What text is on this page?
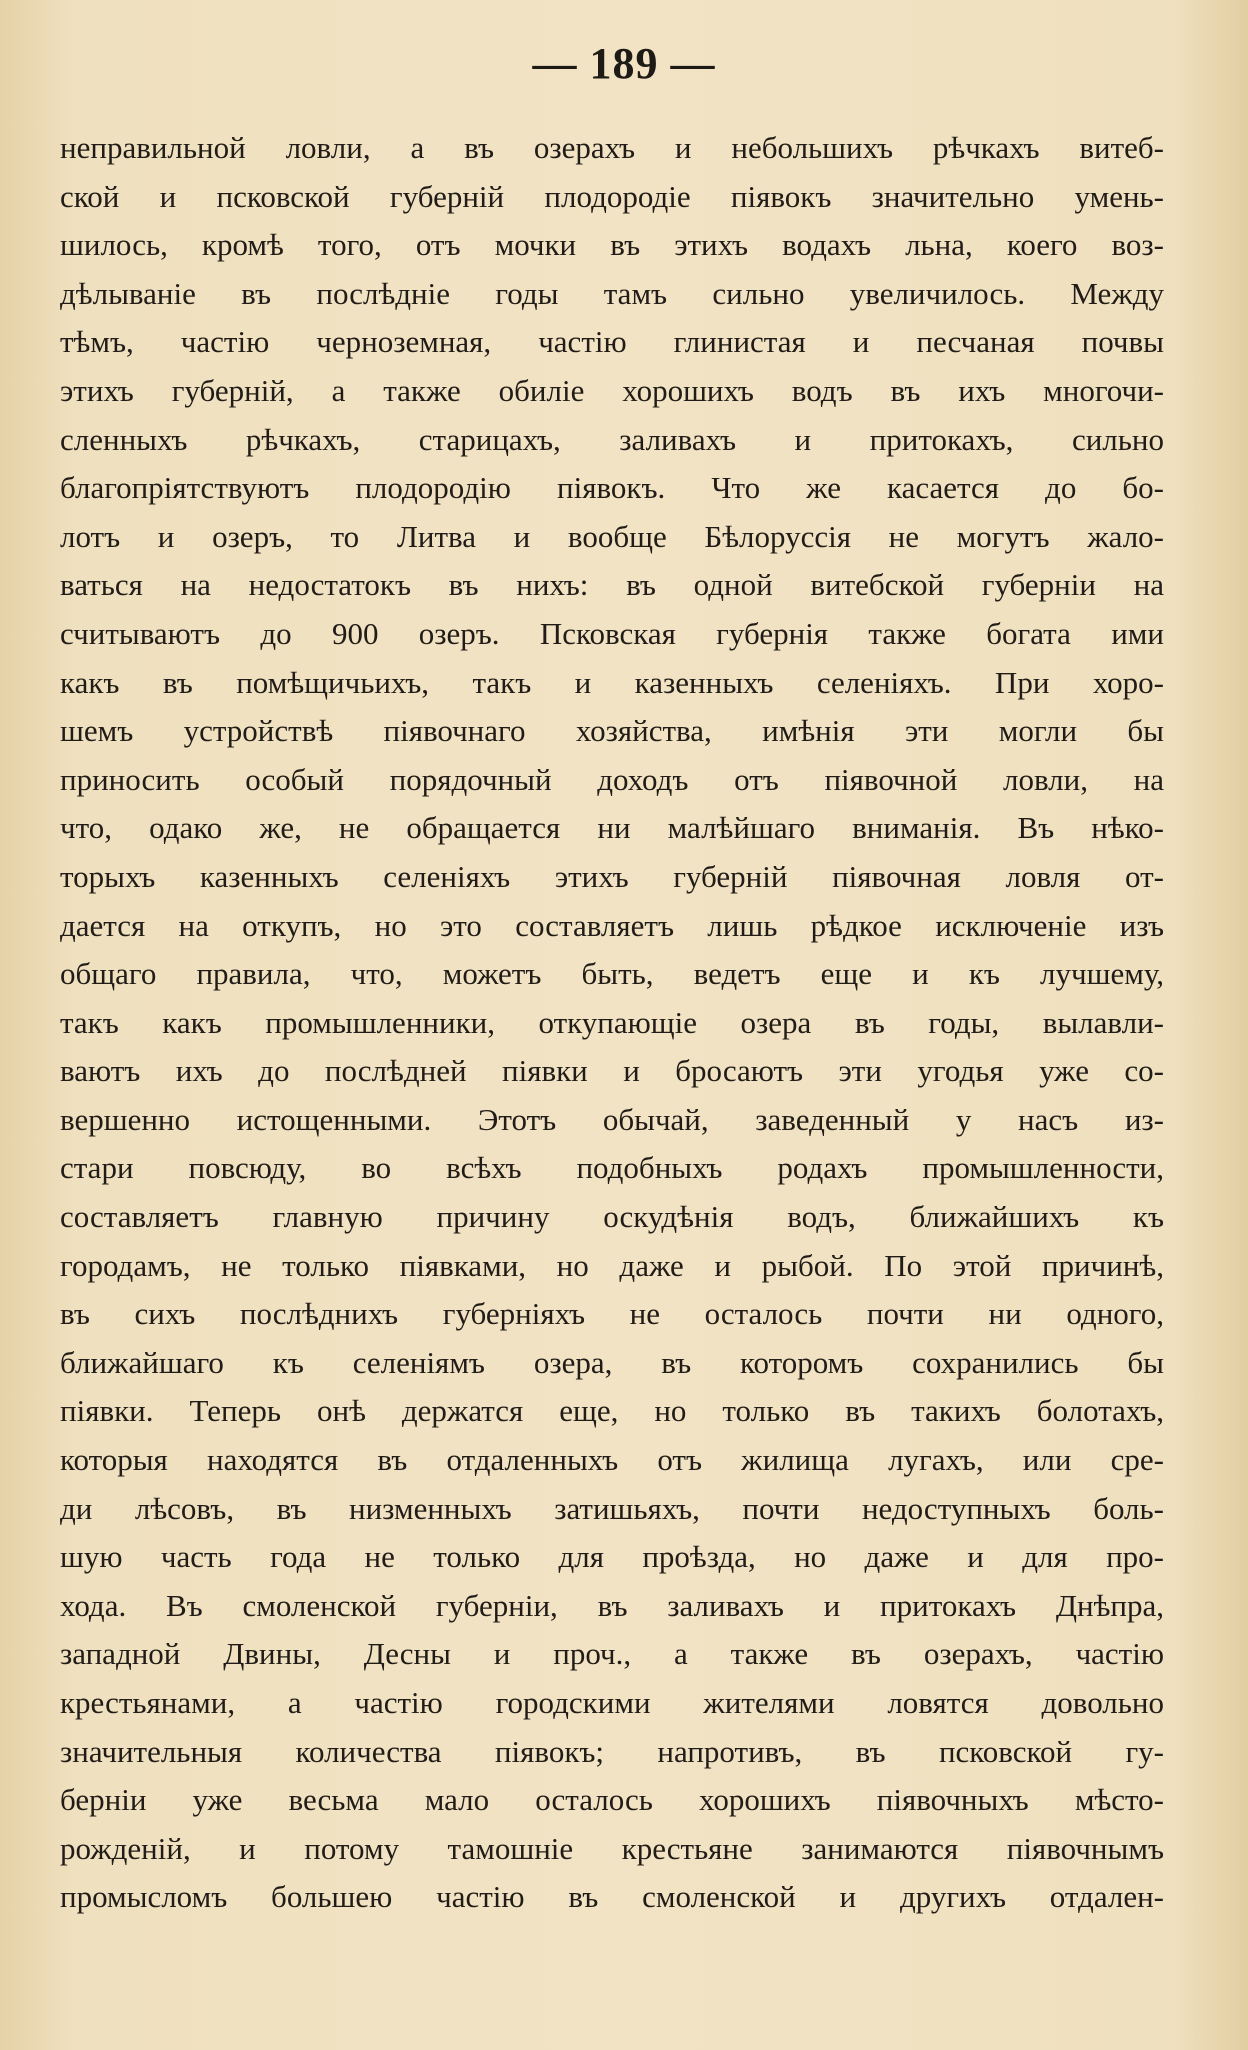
— 189 —
неправильной ловли, а въ озерахъ и небольшихъ рѣчкахъ витеб-
ской и псковской губерній плодородіе піявокъ значительно умень-
шилось, кромѣ того, отъ мочки въ этихъ водахъ льна, коего воз-
дѣлываніе въ послѣдніе годы тамъ сильно увеличилось. Между
тѣмъ, частію черноземная, частію глинистая и песчаная почвы
этихъ губерній, а также обиліе хорошихъ водъ въ ихъ многочи-
сленныхъ рѣчкахъ, старицахъ, заливахъ и притокахъ, сильно
благопріятствуютъ плодородію піявокъ. Что же касается до бо-
лотъ и озеръ, то Литва и вообще Бѣлоруссія не могутъ жало-
ваться на недостатокъ въ нихъ: въ одной витебской губерніи на
считываютъ до 900 озеръ. Псковская губернія также богата ими
какъ въ помѣщичьихъ, такъ и казенныхъ селеніяхъ. При хоро-
шемъ устройствѣ піявочнаго хозяйства, имѣнія эти могли бы
приносить особый порядочный доходъ отъ піявочной ловли, на
что, одако же, не обращается ни малѣйшаго вниманія. Въ нѣко-
торыхъ казенныхъ селеніяхъ этихъ губерній піявочная ловля от-
дается на откупъ, но это составляетъ лишь рѣдкое исключеніе изъ
общаго правила, что, можетъ быть, ведетъ еще и къ лучшему,
такъ какъ промышленники, откупающіе озера въ годы, вылавли-
ваютъ ихъ до послѣдней піявки и бросаютъ эти угодья уже со-
вершенно истощенными. Этотъ обычай, заведенный у насъ из-
стари повсюду, во всѣхъ подобныхъ родахъ промышленности,
составляетъ главную причину оскудѣнія водъ, ближайшихъ къ
городамъ, не только піявками, но даже и рыбой. По этой причинѣ,
въ сихъ послѣднихъ губерніяхъ не осталось почти ни одного,
ближайшаго къ селеніямъ озера, въ которомъ сохранились бы
піявки. Теперь онѣ держатся еще, но только въ такихъ болотахъ,
которыя находятся въ отдаленныхъ отъ жилища лугахъ, или сре-
ди лѣсовъ, въ низменныхъ затишьяхъ, почти недоступныхъ боль-
шую часть года не только для проѣзда, но даже и для про-
хода. Въ смоленской губерніи, въ заливахъ и притокахъ Днѣпра,
западной Двины, Десны и проч., а также въ озерахъ, частію
крестьянами, а частію городскими жителями ловятся довольно
значительныя количества піявокъ; напротивъ, въ псковской гу-
берніи уже весьма мало осталось хорошихъ піявочныхъ мѣсто-
рожденій, и потому тамошніе крестьяне занимаются піявочнымъ
промысломъ большею частію въ смоленской и другихъ отдален-
